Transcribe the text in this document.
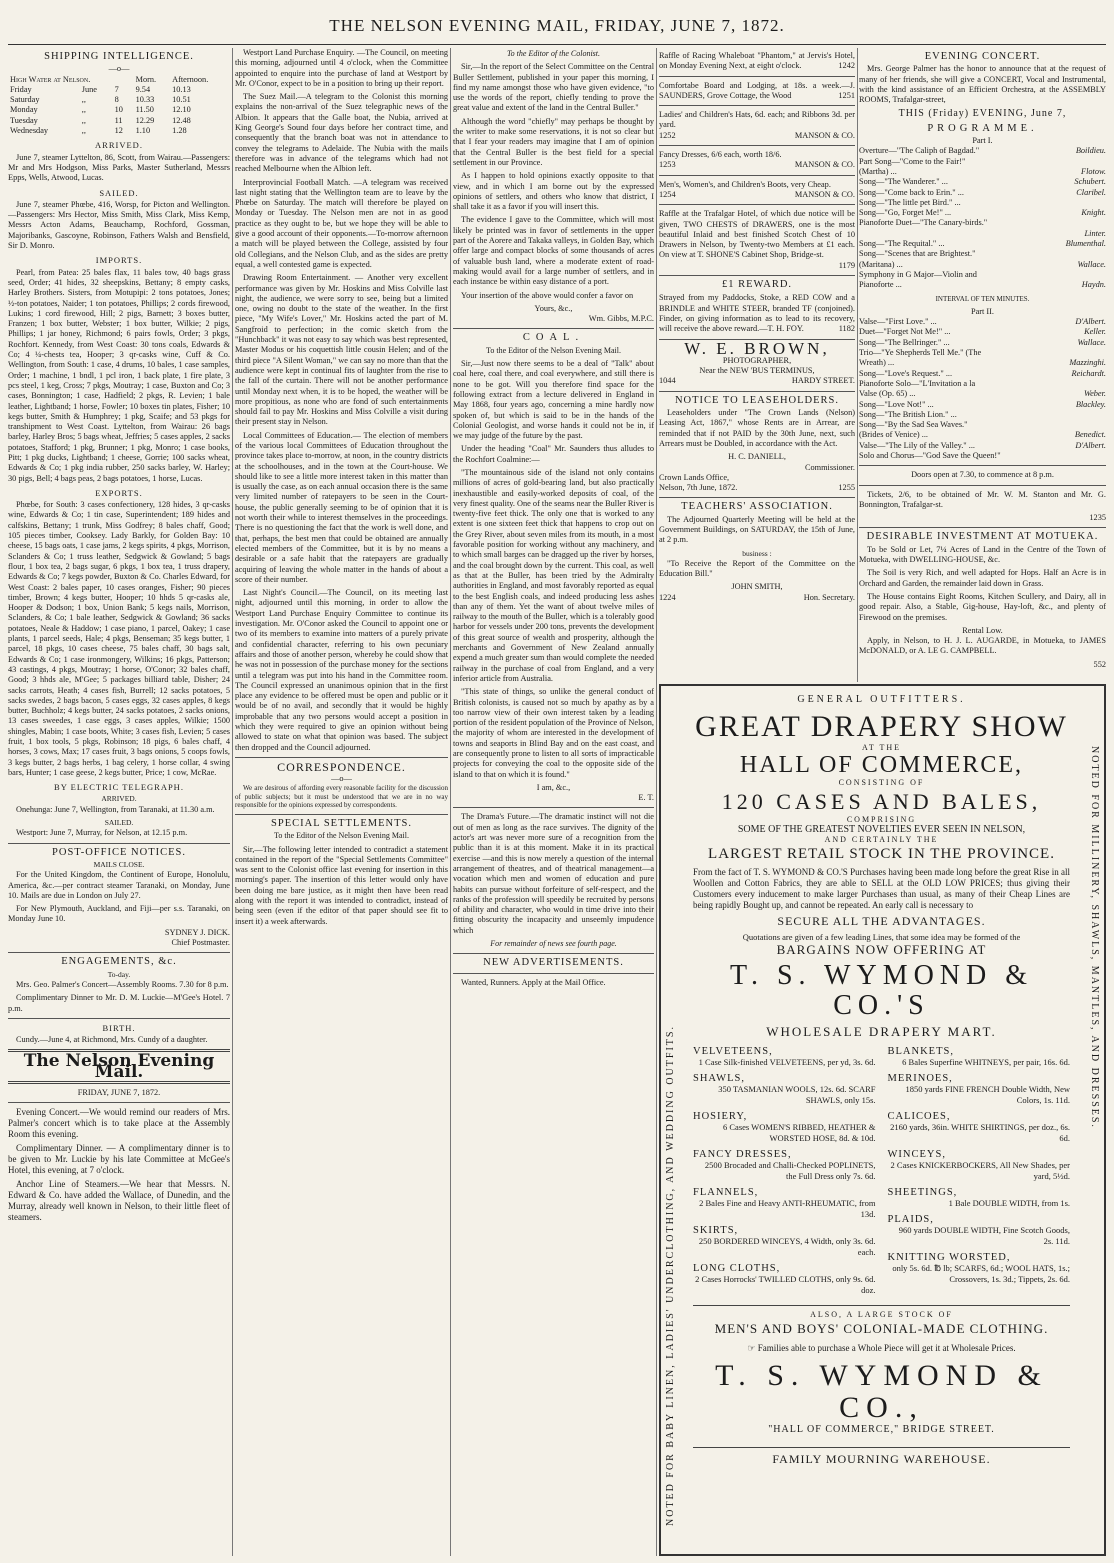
THE NELSON EVENING MAIL, FRIDAY, JUNE 7, 1872.
SHIPPING INTELLIGENCE.
—o—
High Water at Nelson.			Morn.	Afternoon.
Friday	June	7	9.54	10.13
Saturday	,,	8	10.33	10.51
Monday	,,	10	11.50	12.10
Tuesday	,,	11	12.29	12.48
Wednesday	,,	12	1.10	1.28
ARRIVED.

June 7, steamer Lyttelton, 86, Scott, from Wairau.—Passengers: Mr and Mrs Hodgson, Miss Parks, Master Sutherland, Messrs Epps, Wells, Atwood, Lucas.

SAILED.

June 7, steamer Phœbe, 416, Worsp, for Picton and Wellington.—Passengers: Mrs Hector, Miss Smith, Miss Clark, Miss Kemp, Messrs Acton Adams, Beauchamp, Rochford, Gossman, Majoribanks, Gascoyne, Robinson, Fathers Walsh and Bensfield, Sir D. Monro.

IMPORTS.

Pearl, from Patea: 25 bales flax, 11 bales tow, 40 bags grass seed, Order; 41 hides, 32 sheepskins, Bettany; 8 empty casks, Harley Brothers. Sisters, from Motupipi: 2 tons potatoes, Jones; ½-ton potatoes, Naider; 1 ton potatoes, Phillips; 2 cords firewood, Lukins; 1 cord firewood, Hill; 2 pigs, Barnett; 3 boxes butter, Franzen; 1 box butter, Webster; 1 box butter, Wilkie; 2 pigs, Phillips; 1 jar honey, Richmond; 6 pairs fowls, Order; 3 pkgs, Rochfort. Kennedy, from West Coast: 30 tons coals, Edwards & Co; 4 ¼-chests tea, Hooper; 3 qr-casks wine, Cuff & Co. Wellington, from South: 1 case, 4 drums, 10 bales, 1 case samples, Order; 1 machine, 1 bndl, 1 pcl iron, 1 back plate, 1 fire plate, 3 pcs steel, 1 keg, Cross; 7 pkgs, Moutray; 1 case, Buxton and Co; 3 cases, Bonnington; 1 case, Hadfield; 2 pkgs, R. Levien; 1 bale leather, Lightband; 1 horse, Fowler; 10 boxes tin plates, Fisher; 10 kegs butter, Smith & Humphrey; 1 pkg, Scaife; and 53 pkgs for transhipment to West Coast. Lyttelton, from Wairau: 26 bags barley, Harley Bros; 5 bags wheat, Jeffries; 5 cases apples, 2 sacks potatoes, Stafford; 1 pkg, Brunner; 1 pkg, Monro; 1 case books, Pitt; 1 pkg ducks, Lightband; 1 cheese, Gorrie; 100 sacks wheat, Edwards & Co; 1 pkg india rubber, 250 sacks barley, W. Harley; 30 pigs, Bell; 4 bags peas, 2 bags potatoes, 1 horse, Lucas.

EXPORTS.

Phœbe, for South: 3 cases confectionery, 128 hides, 3 qr-casks wine, Edwards & Co; 1 tin case, Superintendent; 189 hides and calfskins, Bettany; 1 trunk, Miss Godfrey; 8 bales chaff, Good; 105 pieces timber, Cooksey. Lady Barkly, for Golden Bay: 10 cheese, 15 bags oats, 1 case jams, 2 kegs spirits, 4 pkgs, Morrison, Sclanders & Co; 1 truss leather, Sedgwick & Gowland; 5 bags flour, 1 box tea, 2 bags sugar, 6 pkgs, 1 box tea, 1 truss drapery, Edwards & Co; 7 kegs powder, Buxton & Co. Charles Edward, for West Coast: 2 bales paper, 10 cases oranges, Fisher; 90 pieces timber, Brown; 4 kegs butter, Hooper; 10 hhds 5 qr-casks ale, Hooper & Dodson; 1 box, Union Bank; 5 kegs nails, Morrison, Sclanders, & Co; 1 bale leather, Sedgwick & Gowland; 36 sacks potatoes, Neale & Haddow; 1 case piano, 1 parcel, Oakey; 1 case plants, 1 parcel seeds, Hale; 4 pkgs, Benseman; 35 kegs butter, 1 parcel, 18 pkgs, 10 cases cheese, 75 bales chaff, 30 bags salt, Edwards & Co; 1 case ironmongery, Wilkins; 16 pkgs, Patterson; 43 castings, 4 pkgs, Moutray; 1 horse, O'Conor; 32 bales chaff, Good; 3 hhds ale, M'Gee; 5 packages billiard table, Disher; 24 sacks carrots, Heath; 4 cases fish, Burrell; 12 sacks potatoes, 5 sacks swedes, 2 bags bacon, 5 cases eggs, 32 cases apples, 8 kegs butter, Buchholz; 4 kegs butter, 24 sacks potatoes, 2 sacks onions, 13 cases sweedes, 1 case eggs, 3 cases apples, Wilkie; 1500 shingles, Mabin; 1 case boots, White; 3 cases fish, Levien; 5 cases fruit, 1 box tools, 5 pkgs, Robinson; 18 pigs, 6 bales chaff, 4 horses, 3 cows, Max; 17 cases fruit, 3 bags onions, 5 coops fowls, 3 kegs butter, 2 bags herbs, 1 bag celery, 1 horse collar, 4 swing bars, Hunter; 1 case geese, 2 kegs butter, Price; 1 cow, McRae.

BY ELECTRIC TELEGRAPH.
ARRIVED.

Onehunga: June 7, Wellington, from Taranaki, at 11.30 a.m.

SAILED.

Westport: June 7, Murray, for Nelson, at 12.15 p.m.

POST-OFFICE NOTICES.
MAILS CLOSE.

For the United Kingdom, the Continent of Europe, Honolulu, America, &c.—per contract steamer Taranaki, on Monday, June 10. Mails are due in London on July 27.

For New Plymouth, Auckland, and Fiji—per s.s. Taranaki, on Monday June 10.

SYDNEY J. DICK.
Chief Postmaster.
ENGAGEMENTS, &c.
To-day.

Mrs. Geo. Palmer's Concert—Assembly Rooms. 7.30 for 8 p.m.

Complimentary Dinner to Mr. D. M. Luckie—M'Gee's Hotel. 7 p.m.

BIRTH.

Cundy.—June 4, at Richmond, Mrs. Cundy of a daughter.

The Nelson Evening Mail.
FRIDAY, JUNE 7, 1872.

Evening Concert.—We would remind our readers of Mrs. Palmer's concert which is to take place at the Assembly Room this evening.

Complimentary Dinner. — A complimentary dinner is to be given to Mr. Luckie by his late Committee at McGee's Hotel, this evening, at 7 o'clock.

Anchor Line of Steamers.—We hear that Messrs. N. Edward & Co. have added the Wallace, of Dunedin, and the Murray, already well known in Nelson, to their little fleet of steamers.

Westport Land Purchase Enquiry. —The Council, on meeting this morning, adjourned until 4 o'clock, when the Committee appointed to enquire into the purchase of land at Westport by Mr. O'Conor, expect to be in a position to bring up their report.

The Suez Mail.—A telegram to the Colonist this morning explains the non-arrival of the Suez telegraphic news of the Albion. It appears that the Galle boat, the Nubia, arrived at King George's Sound four days before her contract time, and consequently that the branch boat was not in attendance to convey the telegrams to Adelaide. The Nubia with the mails therefore was in advance of the telegrams which had not reached Melbourne when the Albion left.

Interprovincial Football Match. —A telegram was received last night stating that the Wellington team are to leave by the Phœbe on Saturday. The match will therefore be played on Monday or Tuesday. The Nelson men are not in as good practice as they ought to be, but we hope they will be able to give a good account of their opponents.—To-morrow afternoon a match will be played between the College, assisted by four old Collegians, and the Nelson Club, and as the sides are pretty equal, a well contested game is expected.

Drawing Room Entertainment. — Another very excellent performance was given by Mr. Hoskins and Miss Colville last night, the audience, we were sorry to see, being but a limited one, owing no doubt to the state of the weather. In the first piece, "My Wife's Lover," Mr. Hoskins acted the part of M. Sangfroid to perfection; in the comic sketch from the "Hunchback" it was not easy to say which was best represented, Master Modus or his coquettish little cousin Helen; and of the third piece "A Silent Woman," we can say no more than that the audience were kept in continual fits of laughter from the rise to the fall of the curtain. There will not be another performance until Monday next when, it is to be hoped, the weather will be more propitious, as none who are fond of such entertainments should fail to pay Mr. Hoskins and Miss Colville a visit during their present stay in Nelson.

Local Committees of Education.— The election of members of the various local Committees of Education throughout the province takes place to-morrow, at noon, in the country districts at the schoolhouses, and in the town at the Court-house. We should like to see a little more interest taken in this matter than is usually the case, as on each annual occasion there is the same very limited number of ratepayers to be seen in the Court-house, the public generally seeming to be of opinion that it is not worth their while to interest themselves in the proceedings. There is no questioning the fact that the work is well done, and that, perhaps, the best men that could be obtained are annually elected members of the Committee, but it is by no means a desirable or a safe habit that the ratepayers are gradually acquiring of leaving the whole matter in the hands of about a score of their number.

Last Night's Council.—The Council, on its meeting last night, adjourned until this morning, in order to allow the Westport Land Purchase Enquiry Committee to continue its investigation. Mr. O'Conor asked the Council to appoint one or two of its members to examine into matters of a purely private and confidential character, referring to his own pecuniary affairs and those of another person, whereby he could show that he was not in possession of the purchase money for the sections until a telegram was put into his hand in the Committee room. The Council expressed an unanimous opinion that in the first place any evidence to be offered must be open and public or it would be of no avail, and secondly that it would be highly improbable that any two persons would accept a position in which they were required to give an opinion without being allowed to state on what that opinion was based. The subject then dropped and the Council adjourned.

CORRESPONDENCE.
—o—

We are desirous of affording every reasonable facility for the discussion of public subjects; but it must be understood that we are in no way responsible for the opinions expressed by correspondents.

SPECIAL SETTLEMENTS.
To the Editor of the Nelson Evening Mail.

Sir,—The following letter intended to contradict a statement contained in the report of the "Special Settlements Committee" was sent to the Colonist office last evening for insertion in this morning's paper. The insertion of this letter would only have been doing me bare justice, as it might then have been read along with the report it was intended to contradict, instead of being seen (even if the editor of that paper should see fit to insert it) a week afterwards.

To the Editor of the Colonist.

Sir,—In the report of the Select Committee on the Central Buller Settlement, published in your paper this morning, I find my name amongst those who have given evidence, "to use the words of the report, chiefly tending to prove the great value and extent of the land in the Central Buller."

Although the word "chiefly" may perhaps be thought by the writer to make some reservations, it is not so clear but that I fear your readers may imagine that I am of opinion that the Central Buller is the best field for a special settlement in our Province.

As I happen to hold opinions exactly opposite to that view, and in which I am borne out by the expressed opinions of settlers, and others who know that district, I shall take it as a favor if you will insert this.

The evidence I gave to the Committee, which will most likely be printed was in favor of settlements in the upper part of the Aorere and Takaka valleys, in Golden Bay, which offer large and compact blocks of some thousands of acres of valuable bush land, where a moderate extent of road-making would avail for a large number of settlers, and in each instance be within easy distance of a port.

Your insertion of the above would confer a favor on

Yours, &c.,
Wm. Gibbs, M.P.C.
COAL.
To the Editor of the Nelson Evening Mail.

Sir,—Just now there seems to be a deal of "Talk" about coal here, coal there, and coal everywhere, and still there is none to be got. Will you therefore find space for the following extract from a lecture delivered in England in May 1868, four years ago, concerning a mine hardly now spoken of, but which is said to be in the hands of the Colonial Geologist, and worse hands it could not be in, if we may judge of the future by the past.

Under the heading "Coal" Mr. Saunders thus alludes to the Rochfort Coalmine:—

"The mountainous side of the island not only contains millions of acres of gold-bearing land, but also practically inexhaustible and easily-worked deposits of coal, of the very finest quality. One of the seams near the Buller River is twenty-five feet thick. The only one that is worked to any extent is one sixteen feet thick that happens to crop out on the Grey River, about seven miles from its mouth, in a most favorable position for working without any machinery, and to which small barges can be dragged up the river by horses, and the coal brought down by the current. This coal, as well as that at the Buller, has been tried by the Admiralty authorities in England, and most favorably reported as equal to the best English coals, and indeed producing less ashes than any of them. Yet the want of about twelve miles of railway to the mouth of the Buller, which is a tolerably good harbor for vessels under 200 tons, prevents the development of this great source of wealth and prosperity, although the merchants and Government of New Zealand annually expend a much greater sum than would complete the needed railway in the purchase of coal from England, and a very inferior article from Australia.

"This state of things, so unlike the general conduct of British colonists, is caused not so much by apathy as by a too narrow view of their own interest taken by a leading portion of the resident population of the Province of Nelson, the majority of whom are interested in the development of towns and seaports in Blind Bay and on the east coast, and are consequently prone to listen to all sorts of impracticable projects for conveying the coal to the opposite side of the island to that on which it is found."

I am, &c.,
E. T.

The Drama's Future.—The dramatic instinct will not die out of men as long as the race survives. The dignity of the actor's art was never more sure of a recognition from the public than it is at this moment. Make it in its practical exercise —and this is now merely a question of the internal arrangement of theatres, and of theatrical management—a vocation which men and women of education and pure habits can pursue without forfeiture of self-respect, and the ranks of the profession will speedily be recruited by persons of ability and character, who would in time drive into their fitting obscurity the incapacity and unseemly impudence which

For remainder of news see fourth page.
NEW ADVERTISEMENTS.

Wanted, Runners. Apply at the Mail Office.

Raffle of Racing Whaleboat "Phantom," at Jervis's Hotel, on Monday Evening Next, at eight o'clock.	1242
Comfortabe Board and Lodging, at 18s. a week.—J. SAUNDERS, Grove Cottage, the Wood	1251
Ladies' and Children's Hats, 6d. each; and Ribbons 3d. per yard.
1252	MANSON & CO.
Fancy Dresses, 6/6 each, worth 18/6.
1253	MANSON & CO.
Men's, Women's, and Children's Boots, very Cheap.
1254	MANSON & CO.
Raffle at the Trafalgar Hotel, of which due notice will be given, TWO CHESTS of DRAWERS, one is the most beautiful Inlaid and best finished Scotch Chest of 10 Drawers in Nelson, by Twenty-two Members at £1 each. On view at T. SHONE'S Cabinet Shop, Bridge-st.
1179
£1 REWARD.
Strayed from my Paddocks, Stoke, a RED COW and a BRINDLE and WHITE STEER, branded TF (conjoined). Finder, on giving information as to lead to its recovery, will receive the above reward.—T. H. FOY.	1182
W. E. BROWN,
PHOTOGRAPHER,
Near the NEW 'BUS TERMINUS,
1044	HARDY STREET.
NOTICE TO LEASEHOLDERS.

Leaseholders under "The Crown Lands (Nelson) Leasing Act, 1867," whose Rents are in Arrear, are reminded that if not PAID by the 30th June, next, such Arrears must be Doubled, in accordance with the Act.

H. C. DANIELL,
Commissioner.
Crown Lands Office,
Nelson, 7th June, 1872.	1255
TEACHERS' ASSOCIATION.

The Adjourned Quarterly Meeting will be held at the Government Buildings, on SATURDAY, the 15th of June, at 2 p.m.

business :

"To Receive the Report of the Committee on the Education Bill."

JOHN SMITH,
1224	Hon. Secretary.
EVENING CONCERT.

Mrs. George Palmer has the honor to announce that at the request of many of her friends, she will give a CONCERT, Vocal and Instrumental, with the kind assistance of an Efficient Orchestra, at the ASSEMBLY ROOMS, Trafalgar-street,

THIS (Friday) EVENING, June 7,
PROGRAMME.
Part I.
Overture—"The Caliph of Bagdad."	Boildieu.
Part Song—"Come to the Fair!"
(Martha) ...	Flotow.
Song—"The Wanderer." ...	Schubert.
Song—"Come back to Erin." ...	Claribel.
Song—"The little pet Bird." ...
Song—"Go, Forget Me!" ...	Knight.
Pianoforte Duet—"The Canary-birds."
Linter.
Song—"The Requital." ...	Blumenthal.
Song—"Scenes that are Brightest."
(Maritana) ...	Wallace.
Symphony in G Major—Violin and
Pianoforte ...	Haydn.
INTERVAL OF TEN MINUTES.
Part II.
Valse—"First Love." ...	D'Albert.
Duet—"Forget Not Me!" ...	Keller.
Song—"The Bellringer." ...	Wallace.
Trio—"Ye Shepherds Tell Me." (The
Wreath) ...	Mazzinghi.
Song—"Love's Request." ...	Reichardt.
Pianoforte Solo—"L'Invitation a la
Valse (Op. 65) ...	Weber.
Song—"Love Not!" ...	Blackley.
Song—"The British Lion." ...
Song—"By the Sad Sea Waves."
(Brides of Venice) ...	Benedict.
Valse—"The Lily of the Valley." ...	D'Albert.
Solo and Chorus—"God Save the Queen!"
Doors open at 7.30, to commence at 8 p.m.

Tickets, 2/6, to be obtained of Mr. W. M. Stanton and Mr. G. Bonnington, Trafalgar-st.

1235
DESIRABLE INVESTMENT AT MOTUEKA.

To be Sold or Let, 7¼ Acres of Land in the Centre of the Town of Motueka, with DWELLING-HOUSE, &c.

The Soil is very Rich, and well adapted for Hops. Half an Acre is in Orchard and Garden, the remainder laid down in Grass.

The House contains Eight Rooms, Kitchen Scullery, and Dairy, all in good repair. Also, a Stable, Gig-house, Hay-loft, &c., and plenty of Firewood on the premises.

Rental Low.

Apply, in Nelson, to H. J. L. AUGARDE, in Motueka, to JAMES McDONALD, or A. LE G. CAMPBELL.

552
NOTED FOR BABY LINEN, LADIES' UNDERCLOTHING, AND WEDDING OUTFITS.
NOTED FOR MILLINERY, SHAWLS, MANTLES, AND DRESSES.
GENERAL OUTFITTERS.
GREAT DRAPERY SHOW
AT THE
HALL OF COMMERCE,
CONSISTING OF
120 CASES AND BALES,
COMPRISING
SOME OF THE GREATEST NOVELTIES EVER SEEN IN NELSON,
AND CERTAINLY THE
LARGEST RETAIL STOCK IN THE PROVINCE.
From the fact of T. S. WYMOND & CO.'S Purchases having been made long before the great Rise in all Woollen and Cotton Fabrics, they are able to SELL at the OLD LOW PRICES; thus giving their Customers every inducement to make larger Purchases than usual, as many of their Cheap Lines are being rapidly Bought up, and cannot be repeated. An early call is necessary to
SECURE ALL THE ADVANTAGES.
Quotations are given of a few leading Lines, that some idea may be formed of the
BARGAINS NOW OFFERING AT
T. S. WYMOND & CO.'S
WHOLESALE DRAPERY MART.
VELVETEENS,
1 Case Silk-finished VELVETEENS, per yd, 3s. 6d.
SHAWLS,
350 TASMANIAN WOOLS, 12s. 6d. SCARF SHAWLS, only 15s.
HOSIERY,
6 Cases WOMEN'S RIBBED, HEATHER & WORSTED HOSE, 8d. & 10d.
FANCY DRESSES,
2500 Brocaded and Challi-Checked POPLINETS, the Full Dress only 7s. 6d.
FLANNELS,
2 Bales Fine and Heavy ANTI-RHEUMATIC, from 13d.
SKIRTS,
250 BORDERED WINCEYS, 4 Width, only 3s. 6d. each.
LONG CLOTHS,
2 Cases Horrocks' TWILLED CLOTHS, only 9s. 6d. doz.
BLANKETS,
6 Bales Superfine WHITNEYS, per pair, 16s. 6d.
MERINOES,
1850 yards FINE FRENCH Double Width, New Colors, 1s. 11d.
CALICOES,
2160 yards, 36in. WHITE SHIRTINGS, per doz., 6s. 6d.
WINCEYS,
2 Cases KNICKERBOCKERS, All New Shades, per yard, 5½d.
SHEETINGS,
1 Bale DOUBLE WIDTH, from 1s.
PLAIDS,
960 yards DOUBLE WIDTH, Fine Scotch Goods, 2s. 11d.
KNITTING WORSTED,
only 5s. 6d. ℔ lb; SCARFS, 6d.; WOOL HATS, 1s.; Crossovers, 1s. 3d.; Tippets, 2s. 6d.
ALSO, A LARGE STOCK OF
MEN'S AND BOYS' COLONIAL-MADE CLOTHING.
☞ Families able to purchase a Whole Piece will get it at Wholesale Prices.
T. S. WYMOND & CO.,
"HALL OF COMMERCE," BRIDGE STREET.
FAMILY MOURNING WAREHOUSE.
